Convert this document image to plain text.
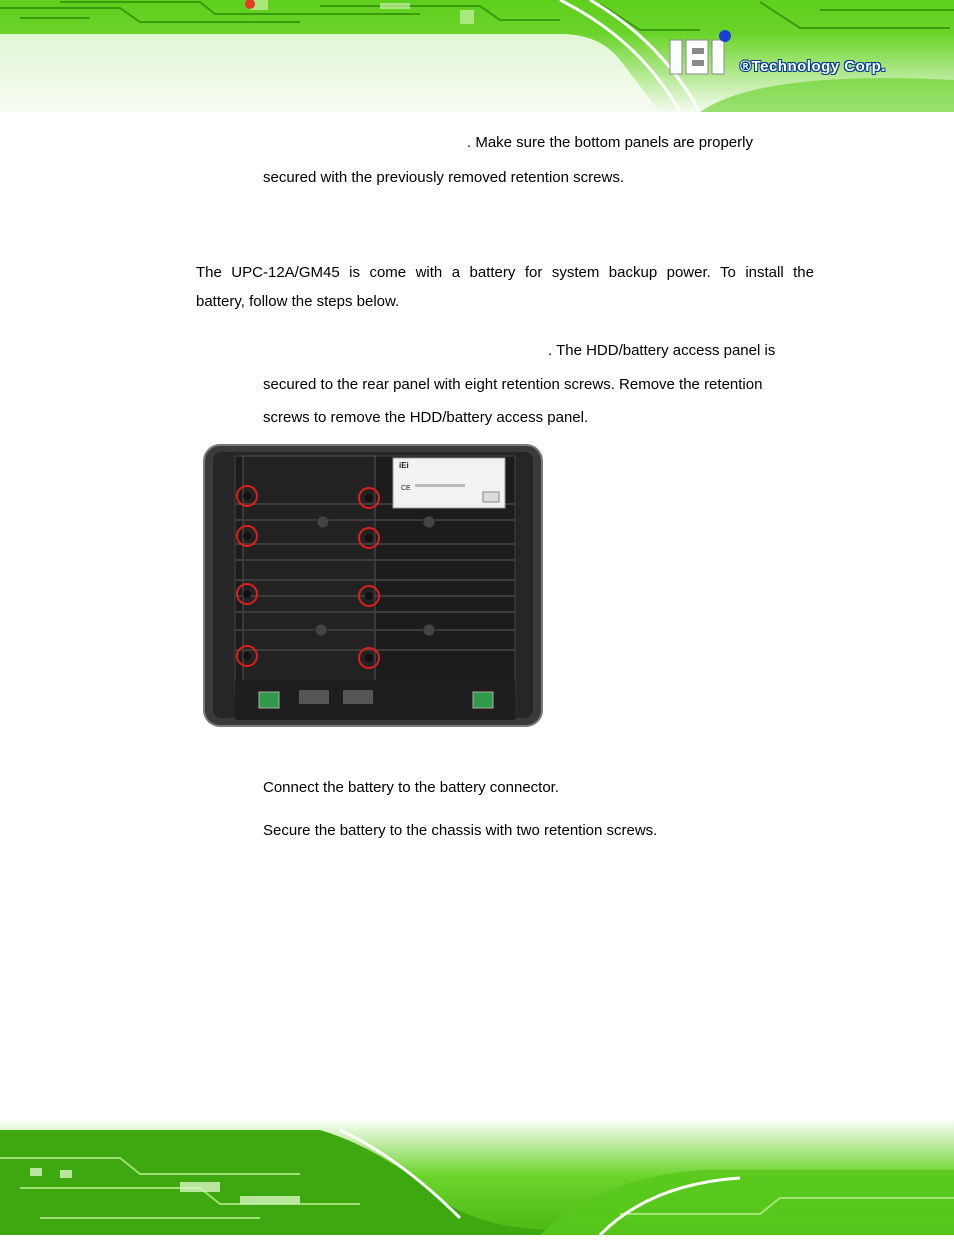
®Technology Corp.
. Make sure the bottom panels are properly
secured with the previously removed retention screws.
The UPC-12A/GM45 is come with a battery for system backup power. To install the
battery, follow the steps below.
. The HDD/battery access panel is
secured to the rear panel with eight retention screws. Remove the retention
screws to remove the HDD/battery access panel.
iEi
CE
Connect the battery to the battery connector.
Secure the battery to the chassis with two retention screws.
